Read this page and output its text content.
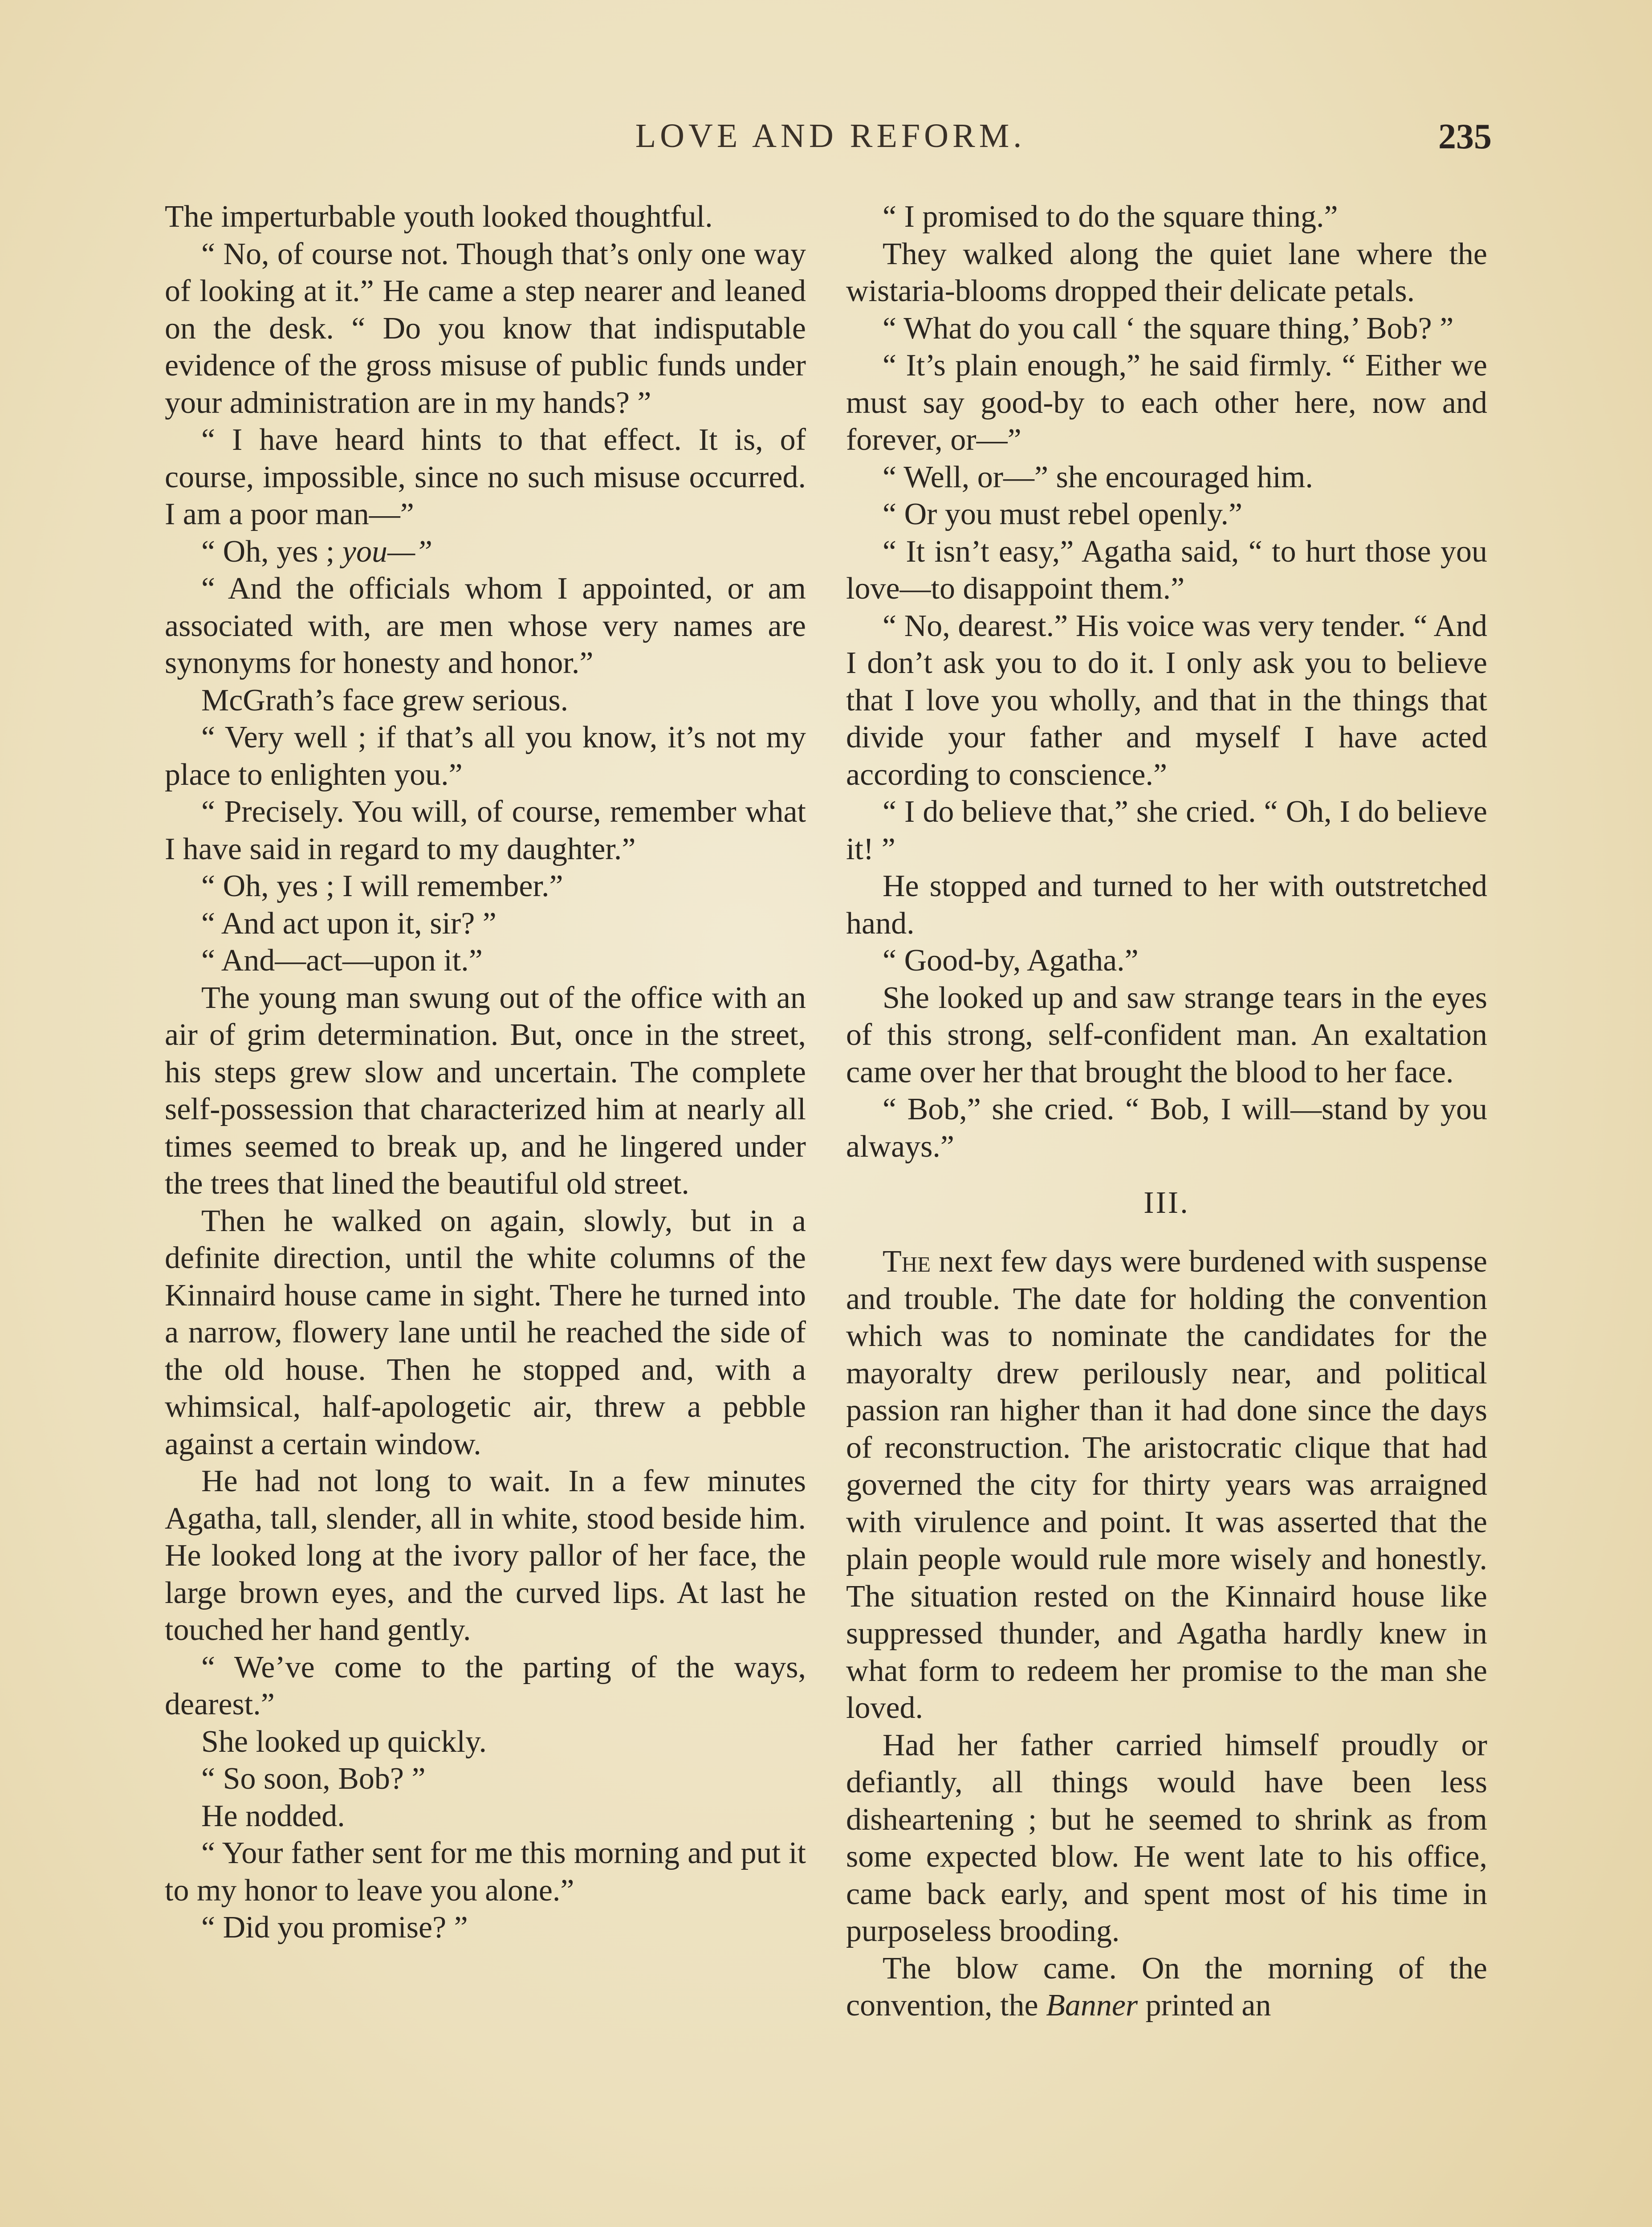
LOVE AND REFORM.	235

The imperturbable youth looked thoughtful.

“ No, of course not. Though that’s only one way of looking at it.” He came a step nearer and leaned on the desk. “ Do you know that indisputable evidence of the gross misuse of public funds under your administration are in my hands? ”

“ I have heard hints to that effect. It is, of course, impossible, since no such misuse occurred. I am a poor man—”

“ Oh, yes ; you—”

“ And the officials whom I appointed, or am associated with, are men whose very names are synonyms for honesty and honor.”

McGrath’s face grew serious.

“ Very well ; if that’s all you know, it’s not my place to enlighten you.”

“ Precisely. You will, of course, remember what I have said in regard to my daughter.”

“ Oh, yes ; I will remember.”

“ And act upon it, sir? ”

“ And—act—upon it.”

The young man swung out of the office with an air of grim determination. But, once in the street, his steps grew slow and uncertain. The complete self-possession that characterized him at nearly all times seemed to break up, and he lingered under the trees that lined the beautiful old street.

Then he walked on again, slowly, but in a definite direction, until the white columns of the Kinnaird house came in sight. There he turned into a narrow, flowery lane until he reached the side of the old house. Then he stopped and, with a whimsical, half-apologetic air, threw a pebble against a certain window.

He had not long to wait. In a few minutes Agatha, tall, slender, all in white, stood beside him. He looked long at the ivory pallor of her face, the large brown eyes, and the curved lips. At last he touched her hand gently.

“ We’ve come to the parting of the ways, dearest.”

She looked up quickly.

“ So soon, Bob? ”

He nodded.

“ Your father sent for me this morning and put it to my honor to leave you alone.”

“ Did you promise? ”

“ I promised to do the square thing.”

They walked along the quiet lane where the wistaria-blooms dropped their delicate petals.

“ What do you call ‘ the square thing,’ Bob? ”

“ It’s plain enough,” he said firmly. “ Either we must say good-by to each other here, now and forever, or—”

“ Well, or—” she encouraged him.

“ Or you must rebel openly.”

“ It isn’t easy,” Agatha said, “ to hurt those you love—to disappoint them.”

“ No, dearest.” His voice was very tender. “ And I don’t ask you to do it. I only ask you to believe that I love you wholly, and that in the things that divide your father and myself I have acted according to conscience.”

“ I do believe that,” she cried. “ Oh, I do believe it! ”

He stopped and turned to her with outstretched hand.

“ Good-by, Agatha.”

She looked up and saw strange tears in the eyes of this strong, self-confident man. An exaltation came over her that brought the blood to her face.

“ Bob,” she cried. “ Bob, I will—stand by you always.”

III.

The next few days were burdened with suspense and trouble. The date for holding the convention which was to nominate the candidates for the mayoralty drew perilously near, and political passion ran higher than it had done since the days of reconstruction. The aristocratic clique that had governed the city for thirty years was arraigned with virulence and point. It was asserted that the plain people would rule more wisely and honestly. The situation rested on the Kinnaird house like suppressed thunder, and Agatha hardly knew in what form to redeem her promise to the man she loved.

Had her father carried himself proudly or defiantly, all things would have been less disheartening ; but he seemed to shrink as from some expected blow. He went late to his office, came back early, and spent most of his time in purposeless brooding.

The blow came. On the morning of the convention, the Banner printed an
